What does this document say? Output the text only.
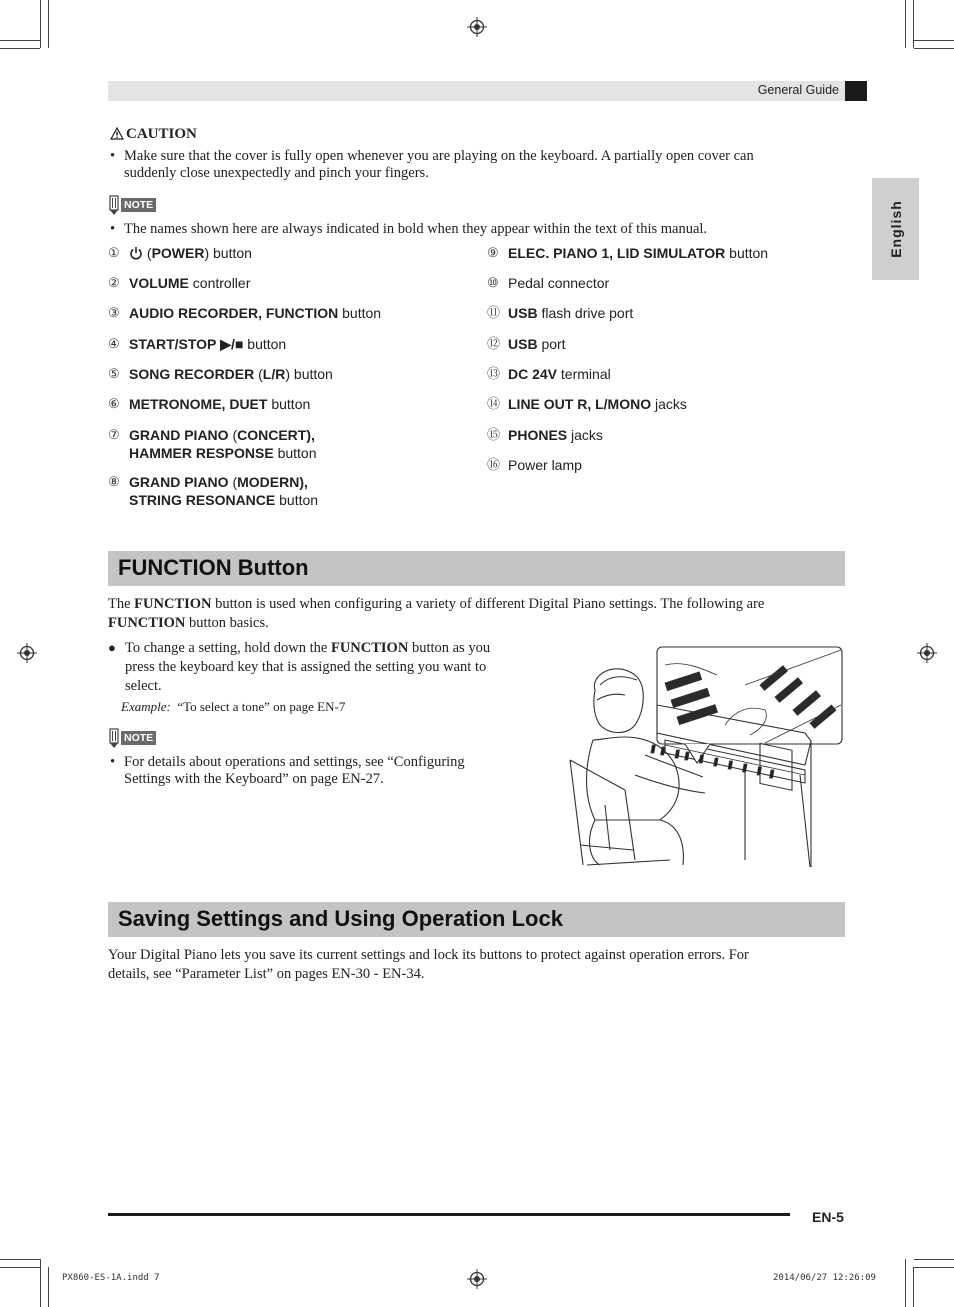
General Guide
English
CAUTION
• Make sure that the cover is fully open whenever you are playing on the keyboard. A partially open cover can
suddenly close unexpectedly and pinch your fingers.
NOTE
• The names shown here are always indicated in bold when they appear within the text of this manual.
①	(POWER) button
② VOLUME controller
③ AUDIO RECORDER, FUNCTION button
④ START/STOP ▶/■ button
⑤ SONG RECORDER (L/R) button
⑥ METRONOME, DUET button
⑦ GRAND PIANO (CONCERT),
HAMMER RESPONSE button
⑧ GRAND PIANO (MODERN),
STRING RESONANCE button
⑨ ELEC. PIANO 1, LID SIMULATOR button
⑩ Pedal connector
⑪ USB flash drive port
⑫ USB port
⑬ DC 24V terminal
⑭ LINE OUT R, L/MONO jacks
⑮ PHONES jacks
⑯ Power lamp
FUNCTION Button
The FUNCTION button is used when configuring a variety of different Digital Piano settings. The following are
FUNCTION button basics.
● To change a setting, hold down the FUNCTION button as you
press the keyboard key that is assigned the setting you want to
select.
Example: “To select a tone” on page EN-7
NOTE
• For details about operations and settings, see “Configuring
Settings with the Keyboard” on page EN-27.
Saving Settings and Using Operation Lock
Your Digital Piano lets you save its current settings and lock its buttons to protect against operation errors. For
details, see “Parameter List” on pages EN-30 - EN-34.
EN-5
PX860-ES-1A.indd 7	2014/06/27 12:26:09
